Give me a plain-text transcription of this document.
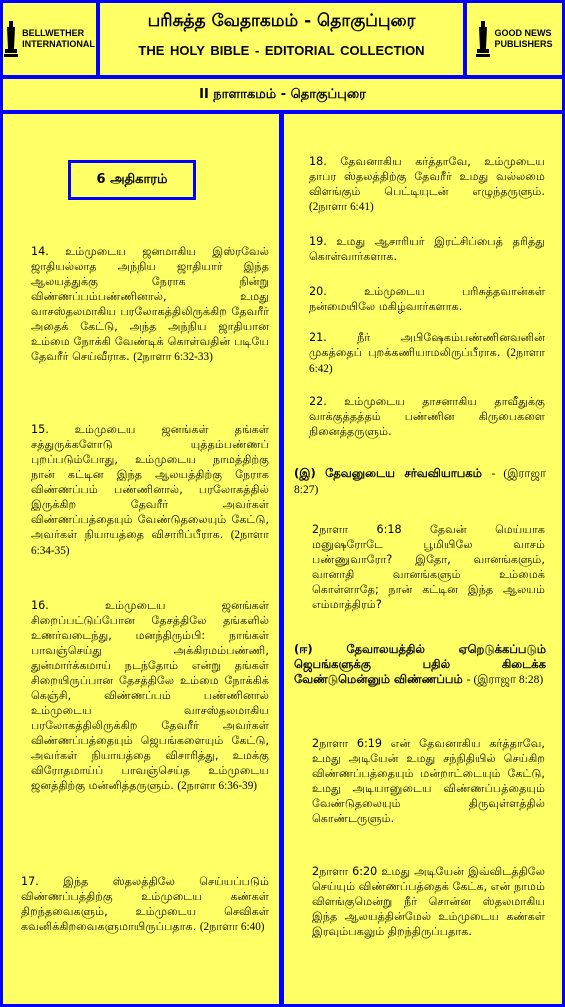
BELLWETHER
INTERNATIONAL
பரிசுத்த வேதாகமம் - தொகுப்புரை
THE HOLY BIBLE - EDITORIAL COLLECTION
GOOD NEWS
PUBLISHERS
II நாளாகமம் - தொகுப்புரை
6 அதிகாரம்

14. உம்முடைய ஜனமாகிய இஸ்ரவேல் ஜாதியல்லாத அந்நிய ஜாதியார் இந்த ஆலயத்துக்கு நேராக நின்று விண்ணப்பம்பண்ணினால், உமது வாசஸ்தலமாகிய பரலோகத்திலிருக்கிற தேவரீர் அதைக் கேட்டு, அந்த அந்நிய ஜாதியான உம்மை நோக்கி வேண்டிக் கொள்வதின் படியே தேவரீர் செய்வீராக. (2நாளா 6:32-33)

15. உம்முடைய ஜனங்கள் தங்கள் சத்துருக்களோடு யுத்தம்பண்ணப் புறப்படும்போது, உம்முடைய நாமத்திற்கு நான் கட்டின இந்த ஆலயத்திற்கு நேராக விண்ணப்பம் பண்ணினால், பரலோகத்தில் இருக்கிற தேவரீர் அவர்கள் விண்ணப்பத்தையும் வேண்டுதலையும் கேட்டு, அவர்கள் நியாயத்தை விசாரிப்பீராக. (2நாளா 6:34-35)

16.	உம்முடைய ஜனங்கள் சிறைப்பட்டுப்போன தேசத்திலே தங்களில் உணர்வடைந்து, மனந்திரும்பி: நாங்கள் பாவஞ்செய்து அக்கிரமம்பண்ணி, துன்மார்க்கமாய் நடந்தோம் என்று தங்கள் சிறையிருப்பான தேசத்திலே உம்மை நோக்கிக் கெஞ்சி, விண்ணப்பம் பண்ணினால் உம்முடைய வாசஸ்தலமாகிய பரலோகத்திலிருக்கிற தேவரீர் அவர்கள் விண்ணப்பத்தையும் ஜெபங்களையும் கேட்டு, அவர்கள் நியாயத்தை விசாரித்து, உமக்கு விரோதமாய்ப் பாவஞ்செய்த உம்முடைய ஜனத்திற்கு மன்னித்தருளும். (2நாளா 6:36-39)

17. இந்த ஸ்தலத்திலே செய்யப்படும் விண்ணப்பத்திற்கு உம்முடைய கண்கள் திறந்தவைகளும், உம்முடைய செவிகள் கவனிக்கிறவைகளுமாயிருப்பதாக. (2நாளா 6:40)

18. தேவனாகிய கர்த்தாவே, உம்முடைய தாபர ஸ்தலத்திற்கு தேவரீர் உமது வல்லமை விளங்கும் பெட்டியுடன் எழுந்தருளும். (2நாளா 6:41)

19. உமது ஆசாரியர் இரட்சிப்பைத் தரித்து கொள்வார்களாக.

20.	உம்முடைய பரிசுத்தவான்கள் நன்மையிலே மகிழ்வார்களாக.

21.	நீர் அபிஷேகம்பண்ணினவனின் முகத்தைப் புறக்கணியாமலிருப்பீராக. (2நாளா 6:42)

22. உம்முடைய தாசனாகிய தாவீதுக்கு வாக்குத்தத்தம் பண்ணின கிருபைகளை நினைத்தருளும்.

(இ) தேவனுடைய சர்வவியாபகம் - (இராஜா 8:27)

2நாளா 6:18 தேவன் மெய்யாக மனுஷரோடே பூமியிலே வாசம் பண்ணுவாரோ? இதோ, வானங்களும், வானாதி வானங்களும் உம்மைக் கொள்ளாதே; நான் கட்டின இந்த ஆலயம் எம்மாத்திரம்?

(ஈ)	தேவாலயத்தில் ஏறெடுக்கப்படும் ஜெபங்களுக்கு பதில் கிடைக்க வேண்டுமென்னும் விண்ணப்பம் - (இராஜா 8:28)

2நாளா 6:19 என் தேவனாகிய கர்த்தாவே, உமது அடியேன் உமது சந்நிதியில் செய்கிற விண்ணப்பத்தையும் மன்றாட்டையும் கேட்டு, உமது அடியானுடைய விண்ணப்பத்தையும் வேண்டுதலையும் திருவுள்ளத்தில் கொண்டருளும்.

2நாளா 6:20 உமது அடியேன் இவ்விடத்திலே செய்யும் விண்ணப்பத்தைக் கேட்க, என் நாமம் விளங்குமென்று நீர் சொன்ன ஸ்தலமாகிய இந்த ஆலயத்தின்மேல் உம்முடைய கண்கள் இரவும்பகலும் திறந்திருப்பதாக.
